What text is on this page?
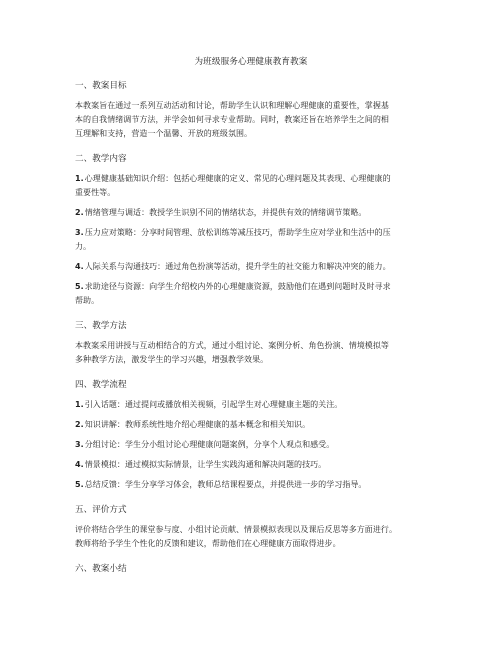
为班级服务心理健康教育教案
一、教案目标
本教案旨在通过一系列互动活动和讨论，帮助学生认识和理解心理健康的重要性，掌握基
本的自我情绪调节方法，并学会如何寻求专业帮助。同时，教案还旨在培养学生之间的相
互理解和支持，营造一个温馨、开放的班级氛围。
二、教学内容
1.心理健康基础知识介绍：包括心理健康的定义、常见的心理问题及其表现、心理健康的
重要性等。
2.情绪管理与调适：教授学生识别不同的情绪状态，并提供有效的情绪调节策略。
3.压力应对策略：分享时间管理、放松训练等减压技巧，帮助学生应对学业和生活中的压
力。
4.人际关系与沟通技巧：通过角色扮演等活动，提升学生的社交能力和解决冲突的能力。
5.求助途径与资源：向学生介绍校内外的心理健康资源，鼓励他们在遇到问题时及时寻求
帮助。
三、教学方法
本教案采用讲授与互动相结合的方式，通过小组讨论、案例分析、角色扮演、情境模拟等
多种教学方法，激发学生的学习兴趣，增强教学效果。
四、教学流程
1.引入话题：通过提问或播放相关视频，引起学生对心理健康主题的关注。
2.知识讲解：教师系统性地介绍心理健康的基本概念和相关知识。
3.分组讨论：学生分小组讨论心理健康问题案例，分享个人观点和感受。
4.情景模拟：通过模拟实际情景，让学生实践沟通和解决问题的技巧。
5.总结反馈：学生分享学习体会，教师总结课程要点，并提供进一步的学习指导。
五、评价方式
评价将结合学生的课堂参与度、小组讨论贡献、情景模拟表现以及课后反思等多方面进行。
教师将给予学生个性化的反馈和建议，帮助他们在心理健康方面取得进步。
六、教案小结
